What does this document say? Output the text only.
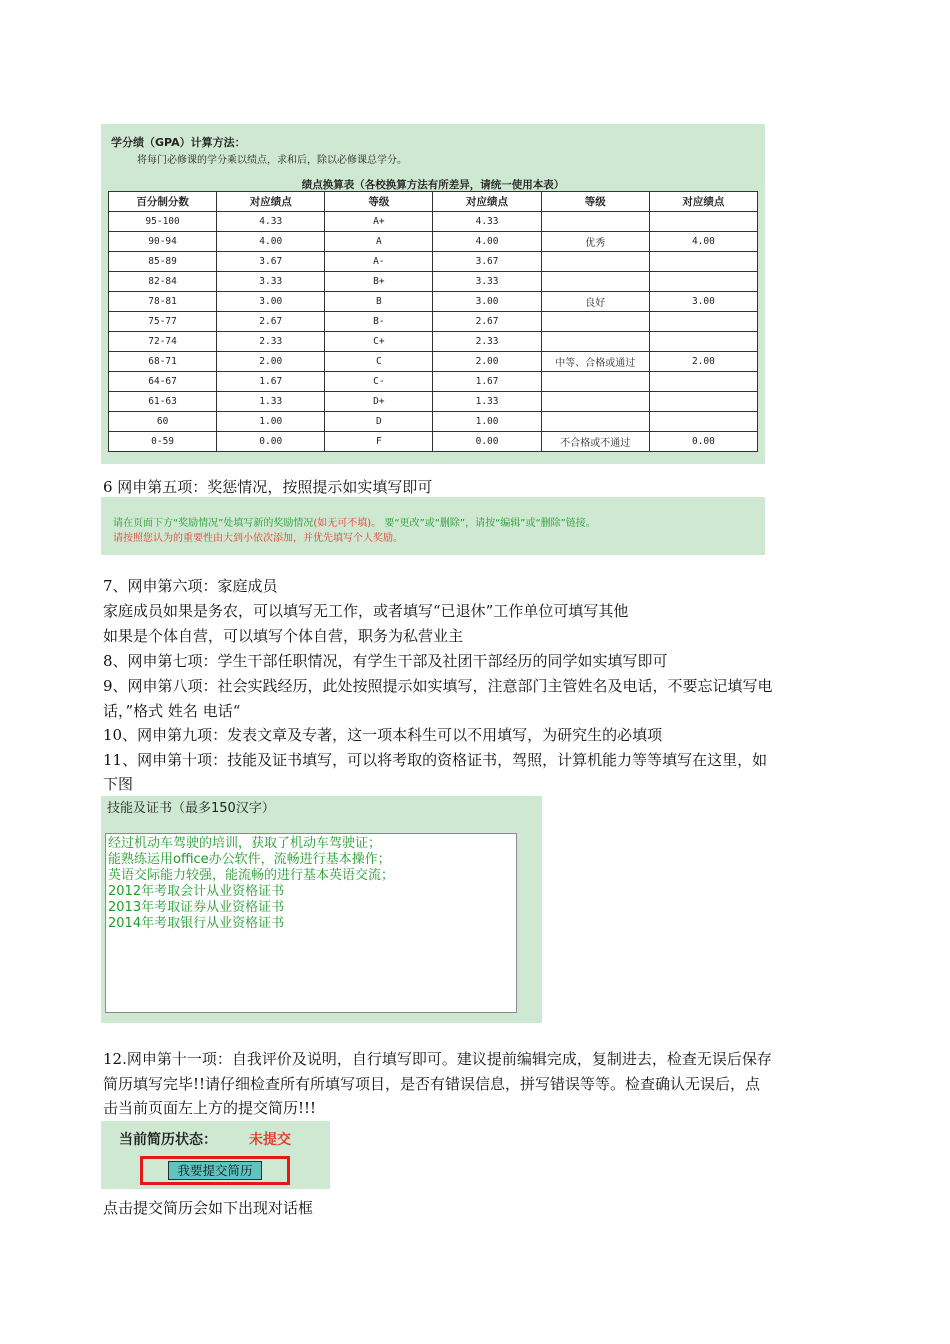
学分绩（GPA）计算方法：
将每门必修课的学分乘以绩点，求和后，除以必修课总学分。
绩点换算表（各校换算方法有所差异，请统一使用本表）
百分制分数	对应绩点	等级	对应绩点	等级	对应绩点
95-100	4.33	A+	4.33		
90-94	4.00	A	4.00	优秀	4.00
85-89	3.67	A-	3.67		
82-84	3.33	B+	3.33		
78-81	3.00	B	3.00	良好	3.00
75-77	2.67	B-	2.67		
72-74	2.33	C+	2.33		
68-71	2.00	C	2.00	中等、合格或通过	2.00
64-67	1.67	C-	1.67		
61-63	1.33	D+	1.33		
60	1.00	D	1.00		
0-59	0.00	F	0.00	不合格或不通过	0.00
6 网申第五项：奖惩情况，按照提示如实填写即可
请在页面下方“奖励情况”处填写新的奖励情况(如无可不填)。 要“更改”或“删除”，请按“编辑”或“删除”链接。
请按照您认为的重要性由大到小依次添加，并优先填写个人奖励。
7、网申第六项：家庭成员
家庭成员如果是务农，可以填写无工作，或者填写“已退休”工作单位可填写其他
如果是个体自营，可以填写个体自营，职务为私营业主
8、网申第七项：学生干部任职情况，有学生干部及社团干部经历的同学如实填写即可
9、网申第八项：社会实践经历，此处按照提示如实填写，注意部门主管姓名及电话，不要忘记填写电
话，”格式 姓名 电话“
10、网申第九项：发表文章及专著，这一项本科生可以不用填写，为研究生的必填项
11、网申第十项：技能及证书填写，可以将考取的资格证书，驾照，计算机能力等等填写在这里，如
下图
技能及证书（最多150汉字）
经过机动车驾驶的培训，获取了机动车驾驶证；
能熟练运用office办公软件，流畅进行基本操作；
英语交际能力较强，能流畅的进行基本英语交流；
2012年考取会计从业资格证书
2013年考取证券从业资格证书
2014年考取银行从业资格证书
12.网申第十一项：自我评价及说明，自行填写即可。建议提前编辑完成，复制进去，检查无误后保存
简历填写完毕!!请仔细检查所有所填写项目，是否有错误信息，拼写错误等等。检查确认无误后，点
击当前页面左上方的提交简历!!!
当前简历状态： 未提交
我要提交简历
点击提交简历会如下出现对话框
